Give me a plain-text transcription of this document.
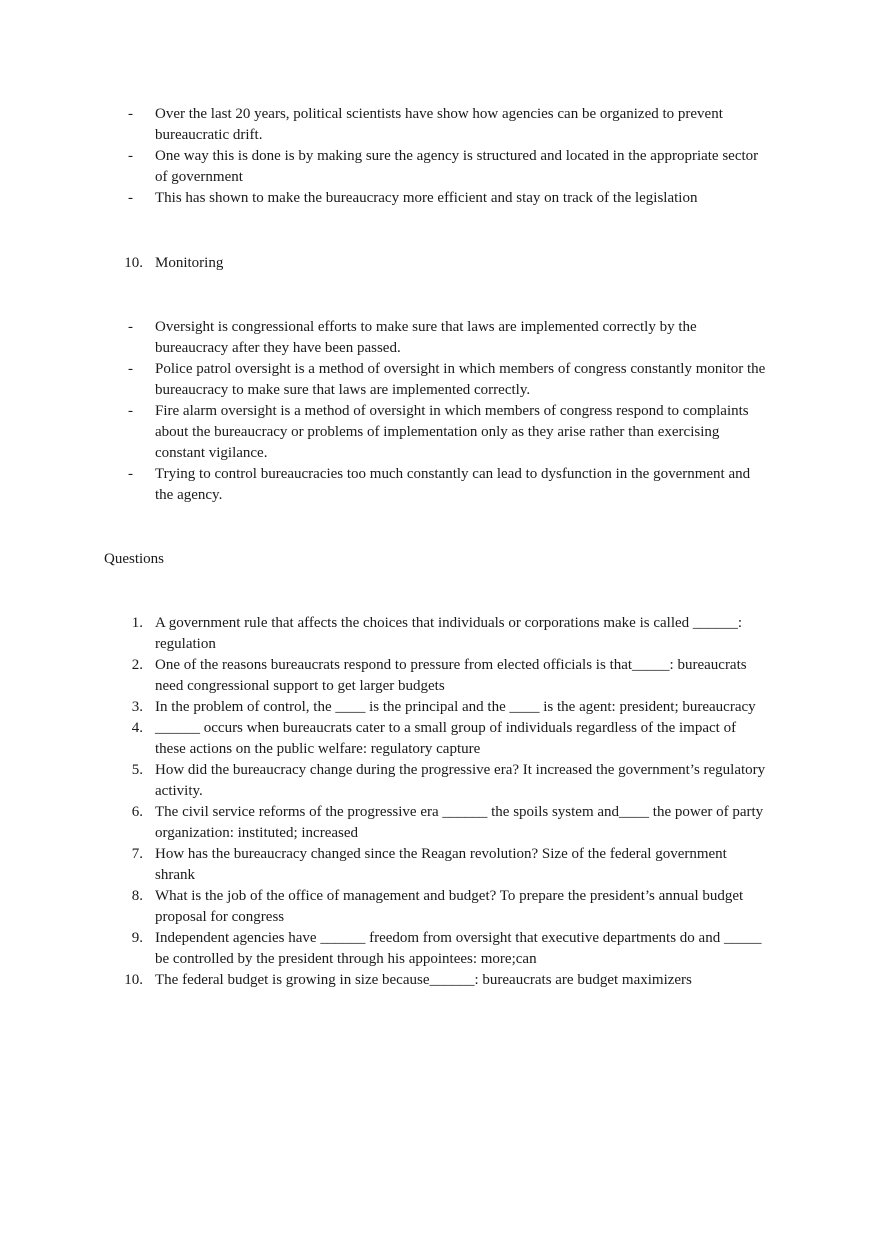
- Over the last 20 years, political scientists have show how agencies can be organized to prevent bureaucratic drift.
- One way this is done is by making sure the agency is structured and located in the appropriate sector of government
- This has shown to make the bureaucracy more efficient and stay on track of the legislation
10. Monitoring
- Oversight is congressional efforts to make sure that laws are implemented correctly by the bureaucracy after they have been passed.
- Police patrol oversight is a method of oversight in which members of congress constantly monitor the bureaucracy to make sure that laws are implemented correctly.
- Fire alarm oversight is a method of oversight in which members of congress respond to complaints about the bureaucracy or problems of implementation only as they arise rather than exercising constant vigilance.
- Trying to control bureaucracies too much constantly can lead to dysfunction in the government and the agency.
Questions
1. A government rule that affects the choices that individuals or corporations make is called ______: regulation
2. One of the reasons bureaucrats respond to pressure from elected officials is that_____: bureaucrats need congressional support to get larger budgets
3. In the problem of control, the ____ is the principal and the ____ is the agent: president; bureaucracy
4. ______ occurs when bureaucrats cater to a small group of individuals regardless of the impact of these actions on the public welfare: regulatory capture
5. How did the bureaucracy change during the progressive era? It increased the government’s regulatory activity.
6. The civil service reforms of the progressive era ______ the spoils system and____ the power of party organization: instituted; increased
7. How has the bureaucracy changed since the Reagan revolution? Size of the federal government shrank
8. What is the job of the office of management and budget? To prepare the president’s annual budget proposal for congress
9. Independent agencies have ______ freedom from oversight that executive departments do and _____ be controlled by the president through his appointees: more;can
10. The federal budget is growing in size because______: bureaucrats are budget maximizers
